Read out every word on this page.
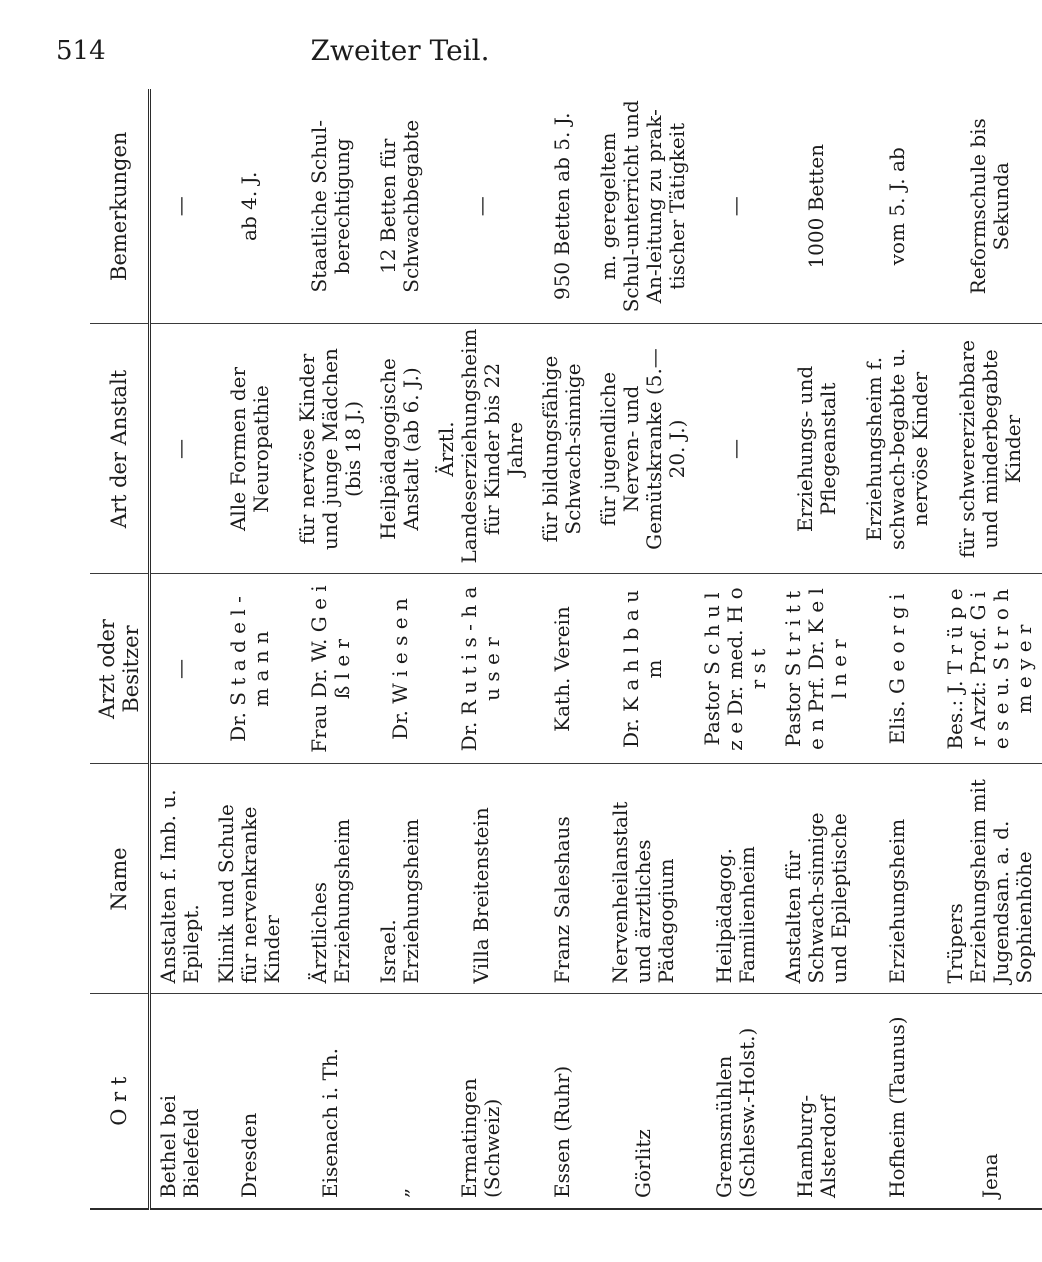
514	Zweiter Teil.
O r t	Name	Arzt oder Besitzer	Art der Anstalt	Bemerkungen
Bethel bei Bielefeld	Anstalten f. Imb. u. Epilept.	—	—	—
Dresden	Klinik und Schule für nervenkranke Kinder	Dr. S t a d e l - m a n n	Alle Formen der Neuropathie	ab 4. J.
Eisenach i. Th.	Ärztliches Erziehungsheim	Frau Dr. W. G e i ß l e r	für nervöse Kinder und junge Mädchen (bis 18 J.)	Staatliche Schul-berechtigung
„	Israel. Erziehungsheim	Dr. W i e s e n	Heilpädagogische Anstalt (ab 6. J.)	12 Betten für Schwachbegabte
Ermatingen (Schweiz)	Villa Breitenstein	Dr. R u t i s - h a u s e r	Ärztl. Landeserziehungsheim für Kinder bis 22 Jahre	—
Essen (Ruhr)	Franz Saleshaus	Kath. Verein	für bildungsfähige Schwach-sinnige	950 Betten ab 5. J.
Görlitz	Nervenheilanstalt und ärztliches Pädagogium	Dr. K a h l b a u m	für jugendliche Nerven- und Gemütskranke (5.—20. J.)	m. geregeltem Schul-unterricht und An-leitung zu prak-tischer Tätigkeit
Gremsmühlen (Schlesw.-Holst.)	Heilpädagog. Familienheim	Pastor S c h u l z e Dr. med. H o r s t	—	—
Hamburg-Alsterdorf	Anstalten für Schwach-sinnige und Epileptische	Pastor S t r i t t e n Prf. Dr. K e l l n e r	Erziehungs- und Pflegeanstalt	1000 Betten
Hofheim (Taunus)	Erziehungsheim	Elis. G e o r g i	Erziehungsheim f. schwach-begabte u. nervöse Kinder	vom 5. J. ab
Jena	Trüpers Erziehungsheim mit Jugendsan. a. d. Sophienhöhe	Bes.: J. T r ü p e r Arzt: Prof. G i e s e u. S t r o h m e y e r	für schwererziehbare und minderbegabte Kinder	Reformschule bis Sekunda
